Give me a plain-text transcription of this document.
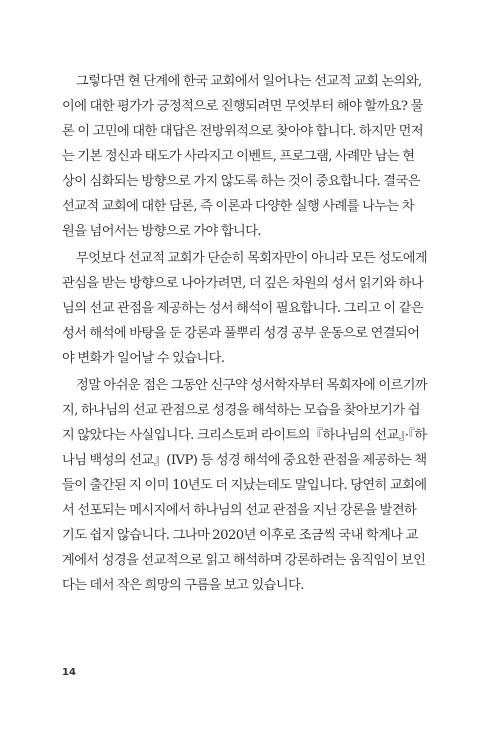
그렇다면 현 단계에 한국 교회에서 일어나는 선교적 교회 논의와,
이에 대한 평가가 긍정적으로 진행되려면 무엇부터 해야 할까요? 물
론 이 고민에 대한 대답은 전방위적으로 찾아야 합니다. 하지만 먼저
는 기본 정신과 태도가 사라지고 이벤트, 프로그램, 사례만 남는 현
상이 심화되는 방향으로 가지 않도록 하는 것이 중요합니다. 결국은
선교적 교회에 대한 담론, 즉 이론과 다양한 실행 사례를 나누는 차
원을 넘어서는 방향으로 가야 합니다.
무엇보다 선교적 교회가 단순히 목회자만이 아니라 모든 성도에게
관심을 받는 방향으로 나아가려면, 더 깊은 차원의 성서 읽기와 하나
님의 선교 관점을 제공하는 성서 해석이 필요합니다. 그리고 이 같은
성서 해석에 바탕을 둔 강론과 풀뿌리 성경 공부 운동으로 연결되어
야 변화가 일어날 수 있습니다.
정말 아쉬운 점은 그동안 신구약 성서학자부터 목회자에 이르기까
지, 하나님의 선교 관점으로 성경을 해석하는 모습을 찾아보기가 쉽
지 않았다는 사실입니다. 크리스토퍼 라이트의『하나님의 선교』·『하
나님 백성의 선교』(IVP) 등 성경 해석에 중요한 관점을 제공하는 책
들이 출간된 지 이미 10년도 더 지났는데도 말입니다. 당연히 교회에
서 선포되는 메시지에서 하나님의 선교 관점을 지닌 강론을 발견하
기도 쉽지 않습니다. 그나마 2020년 이후로 조금씩 국내 학계나 교
계에서 성경을 선교적으로 읽고 해석하며 강론하려는 움직임이 보인
다는 데서 작은 희망의 구름을 보고 있습니다.
14
